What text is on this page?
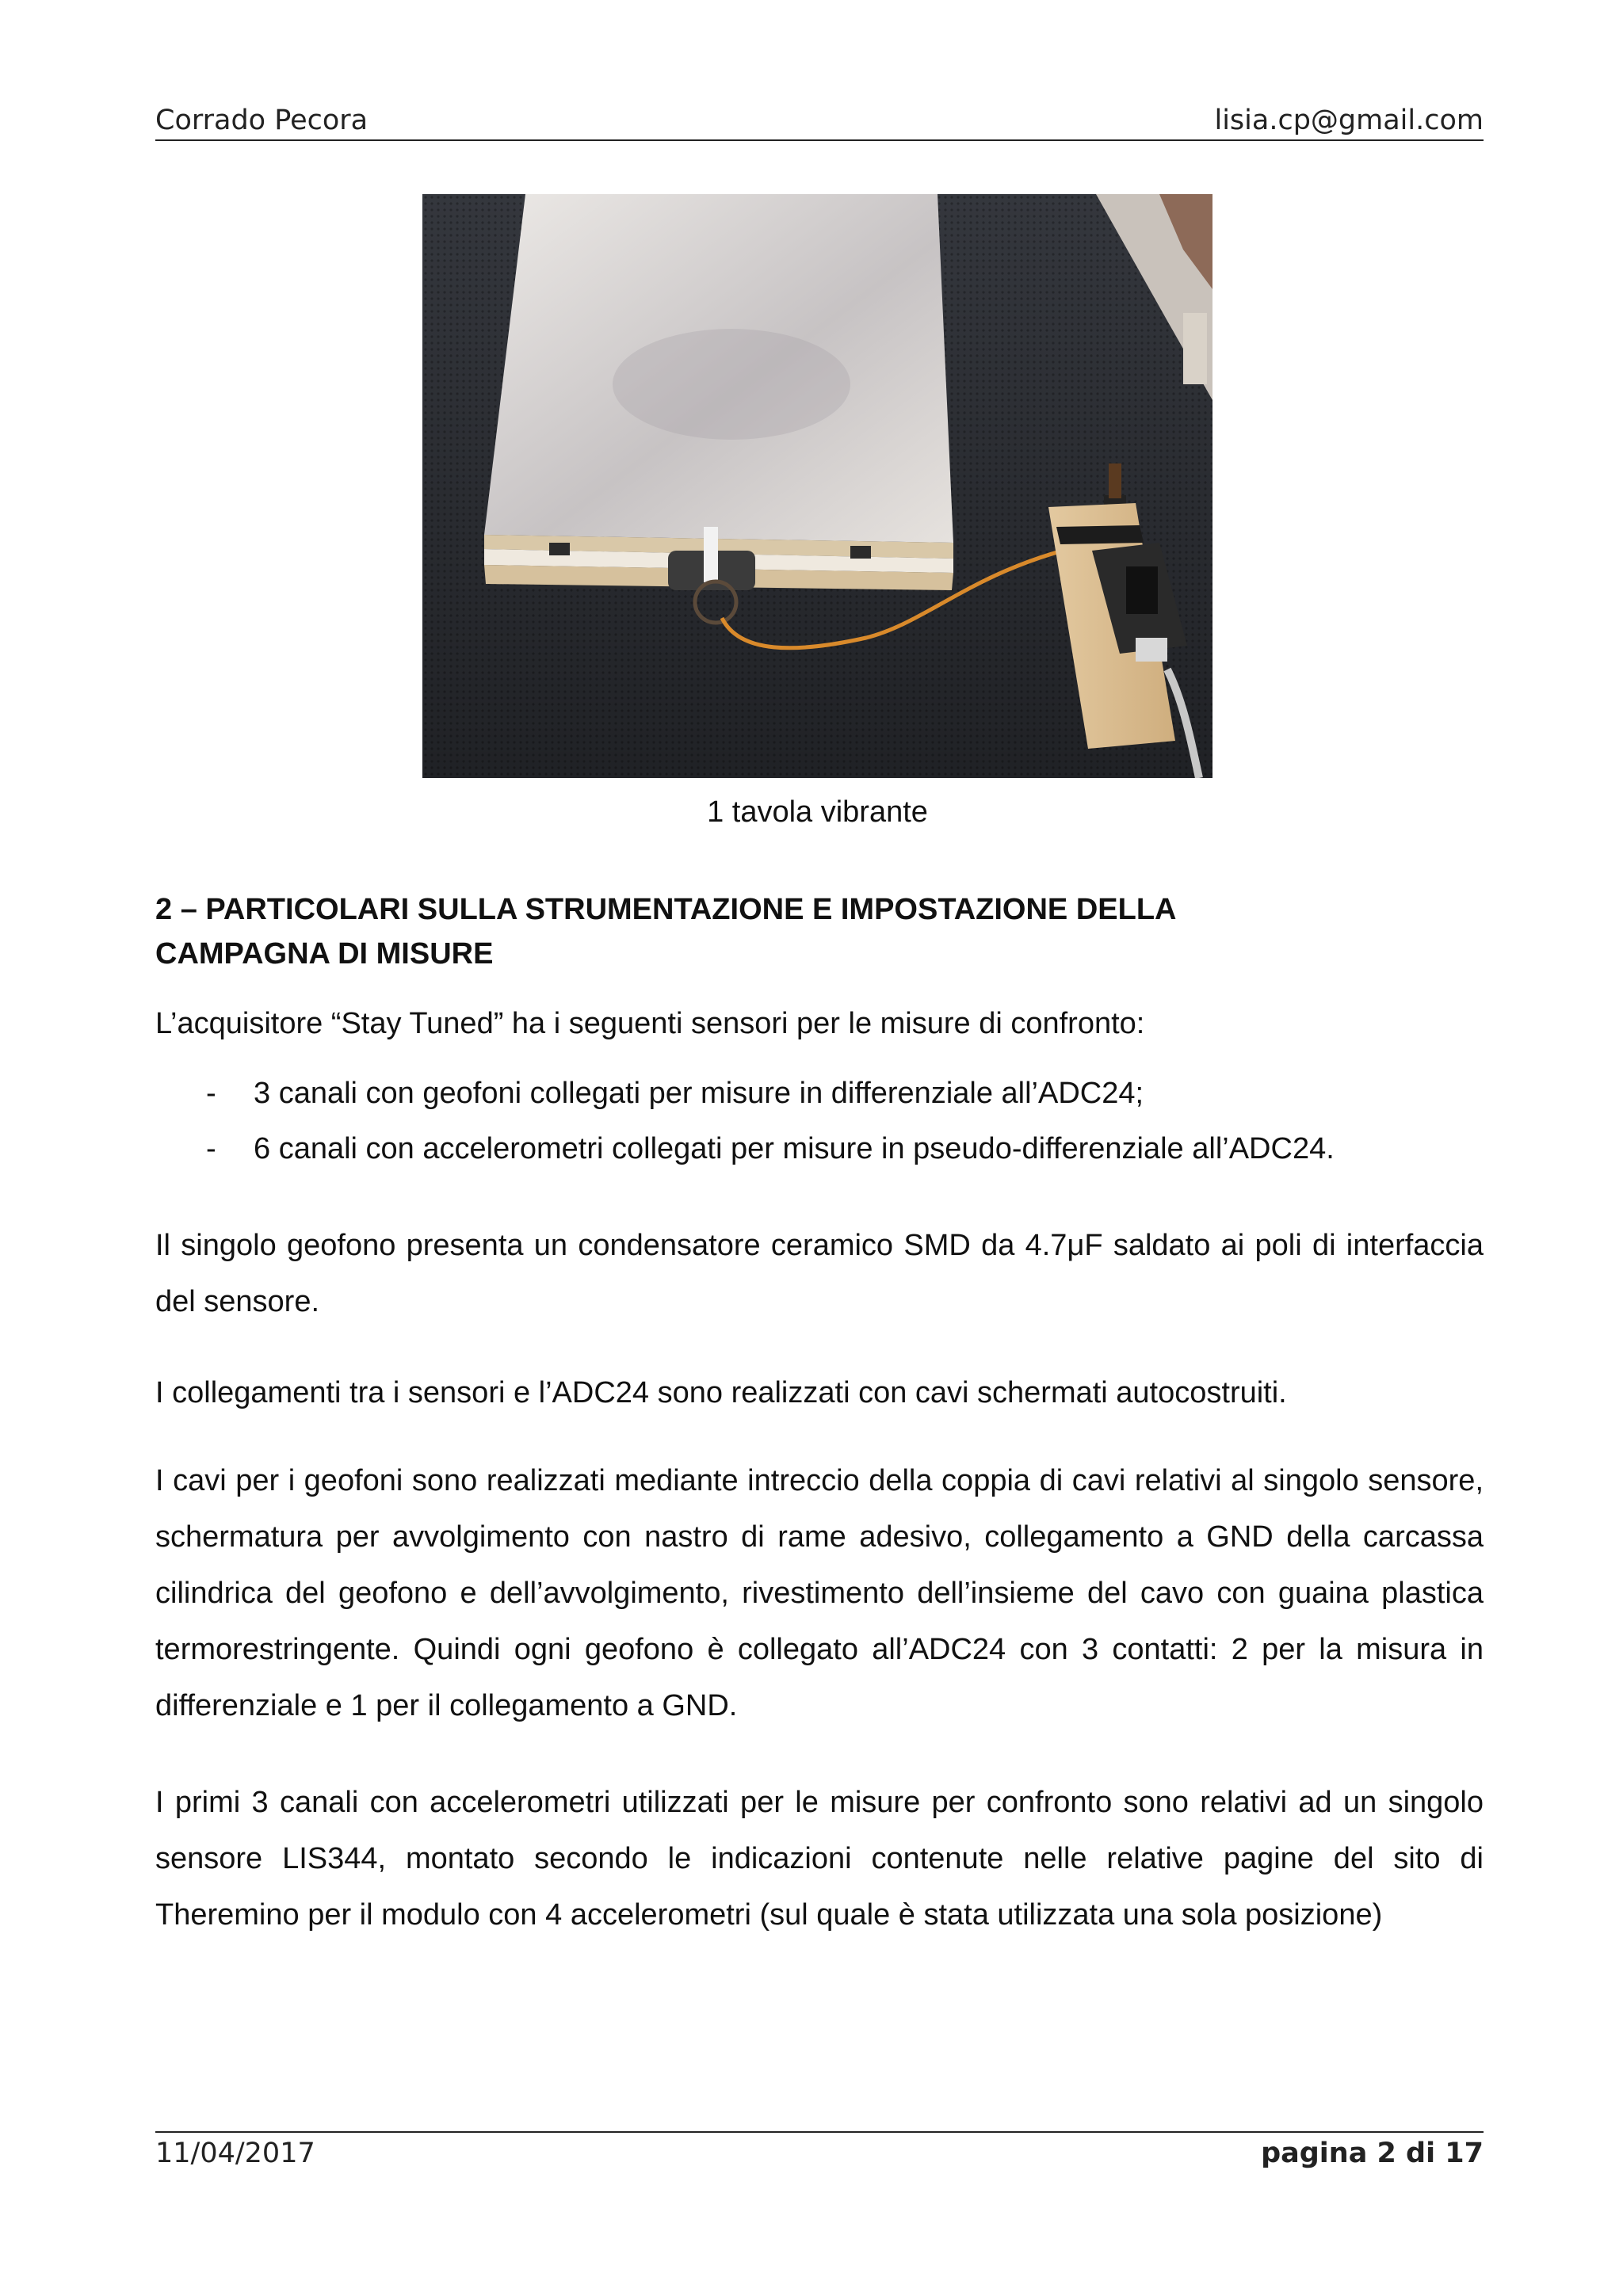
Corrado Pecora	lisia.cp@gmail.com
1 tavola vibrante
2 – PARTICOLARI SULLA STRUMENTAZIONE E IMPOSTAZIONE DELLA
CAMPAGNA DI MISURE
L’acquisitore “Stay Tuned” ha i seguenti sensori per le misure di confronto:
-	3 canali con geofoni collegati per misure in differenziale all’ADC24;
-	6 canali con accelerometri collegati per misure in pseudo-differenziale all’ADC24.
Il singolo geofono presenta un condensatore ceramico SMD da 4.7μF saldato ai poli di interfaccia del sensore.
I collegamenti tra i sensori e l’ADC24 sono realizzati con cavi schermati autocostruiti.
I cavi per i geofoni sono realizzati mediante intreccio della coppia di cavi relativi al singolo sensore, schermatura per avvolgimento con nastro di rame adesivo, collegamento a GND della carcassa cilindrica del geofono e dell’avvolgimento, rivestimento dell’insieme del cavo con guaina plastica termorestringente. Quindi ogni geofono è collegato all’ADC24 con 3 contatti: 2 per la misura in differenziale e 1 per il collegamento a GND.
I primi 3 canali con accelerometri utilizzati per le misure per confronto sono relativi ad un singolo sensore LIS344, montato secondo le indicazioni contenute nelle relative pagine del sito di Theremino per il modulo con 4 accelerometri (sul quale è stata utilizzata una sola posizione)
11/04/2017	pagina 2 di 17
